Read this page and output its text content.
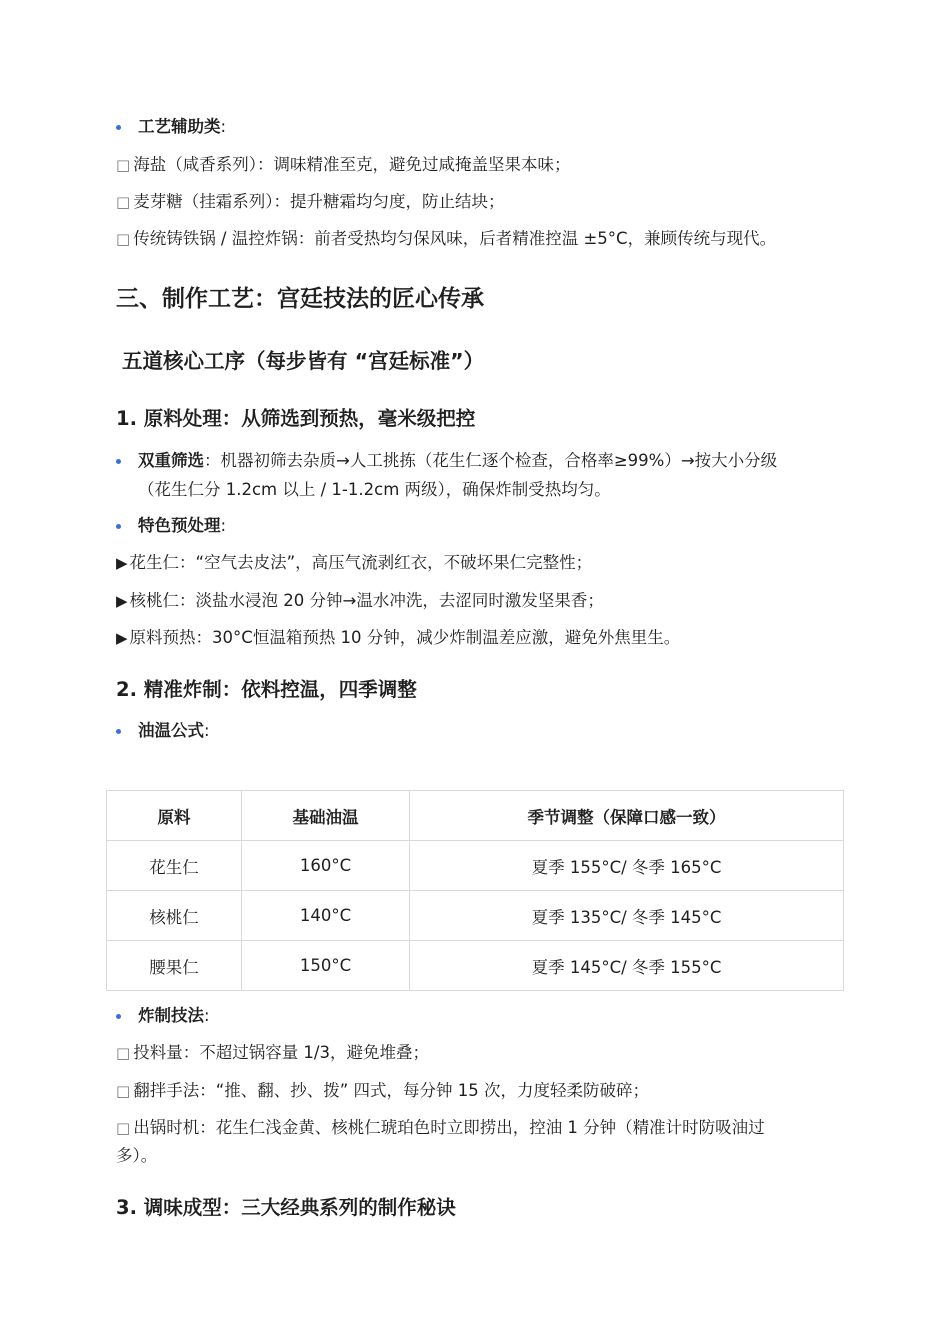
工艺辅助类:
□ 海盐（咸香系列）：调味精准至克，避免过咸掩盖坚果本味；
□ 麦芽糖（挂霜系列）：提升糖霜均匀度，防止结块；
□ 传统铸铁锅 / 温控炸锅：前者受热均匀保风味，后者精准控温 ±5°C，兼顾传统与现代。
三、制作工艺：宫廷技法的匠心传承
五道核心工序（每步皆有 “宫廷标准”）
1. 原料处理：从筛选到预热，毫米级把控
双重筛选：机器初筛去杂质→人工挑拣（花生仁逐个检查，合格率≥99%）→按大小分级
（花生仁分 1.2cm 以上 / 1-1.2cm 两级），确保炸制受热均匀。
特色预处理:
▶ 花生仁：“空气去皮法”，高压气流剥红衣，不破坏果仁完整性；
▶ 核桃仁：淡盐水浸泡 20 分钟→温水冲洗，去涩同时激发坚果香；
▶ 原料预热：30°C恒温箱预热 10 分钟，减少炸制温差应激，避免外焦里生。
2. 精准炸制：依料控温，四季调整
油温公式:
原料	基础油温	季节调整（保障口感一致）
花生仁	160°C	夏季 155°C/ 冬季 165°C
核桃仁	140°C	夏季 135°C/ 冬季 145°C
腰果仁	150°C	夏季 145°C/ 冬季 155°C
炸制技法:
□ 投料量：不超过锅容量 1/3，避免堆叠；
□ 翻拌手法：“推、翻、抄、拨” 四式，每分钟 15 次，力度轻柔防破碎；
□ 出锅时机：花生仁浅金黄、核桃仁琥珀色时立即捞出，控油 1 分钟（精准计时防吸油过
多）。
3. 调味成型：三大经典系列的制作秘诀
